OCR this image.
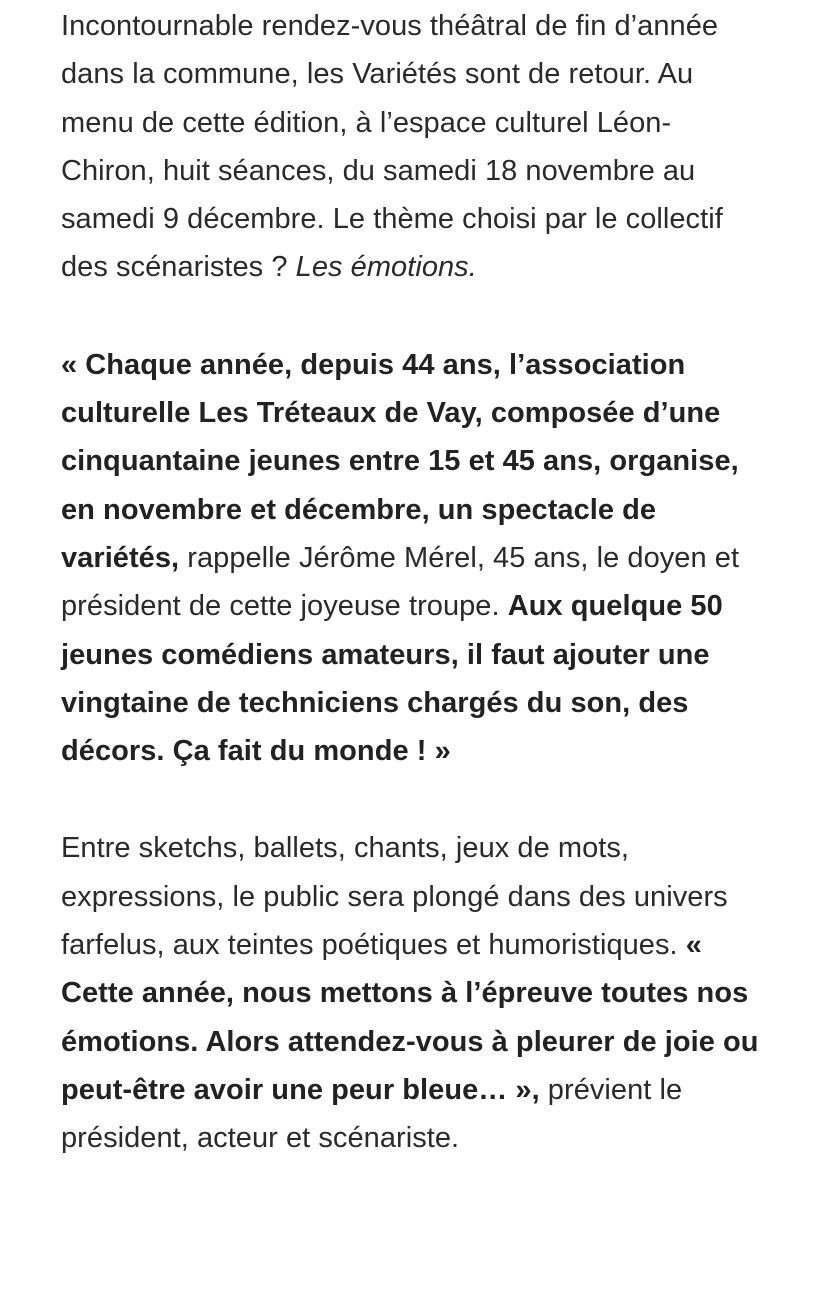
Incontournable rendez-vous théâtral de fin d’année dans la commune, les Variétés sont de retour. Au menu de cette édition, à l’espace culturel Léon-Chiron, huit séances, du samedi 18 novembre au samedi 9 décembre. Le thème choisi par le collectif des scénaristes ? Les émotions.

« Chaque année, depuis 44 ans, l’association culturelle Les Tréteaux de Vay, composée d’une cinquantaine jeunes entre 15 et 45 ans, organise, en novembre et décembre, un spectacle de variétés, rappelle Jérôme Mérel, 45 ans, le doyen et président de cette joyeuse troupe. Aux quelque 50 jeunes comédiens amateurs, il faut ajouter une vingtaine de techniciens chargés du son, des décors. Ça fait du monde ! »

Entre sketchs, ballets, chants, jeux de mots, expressions, le public sera plongé dans des univers farfelus, aux teintes poétiques et humoristiques. « Cette année, nous mettons à l’épreuve toutes nos émotions. Alors attendez-vous à pleurer de joie ou peut-être avoir une peur bleue… », prévient le président, acteur et scénariste.
